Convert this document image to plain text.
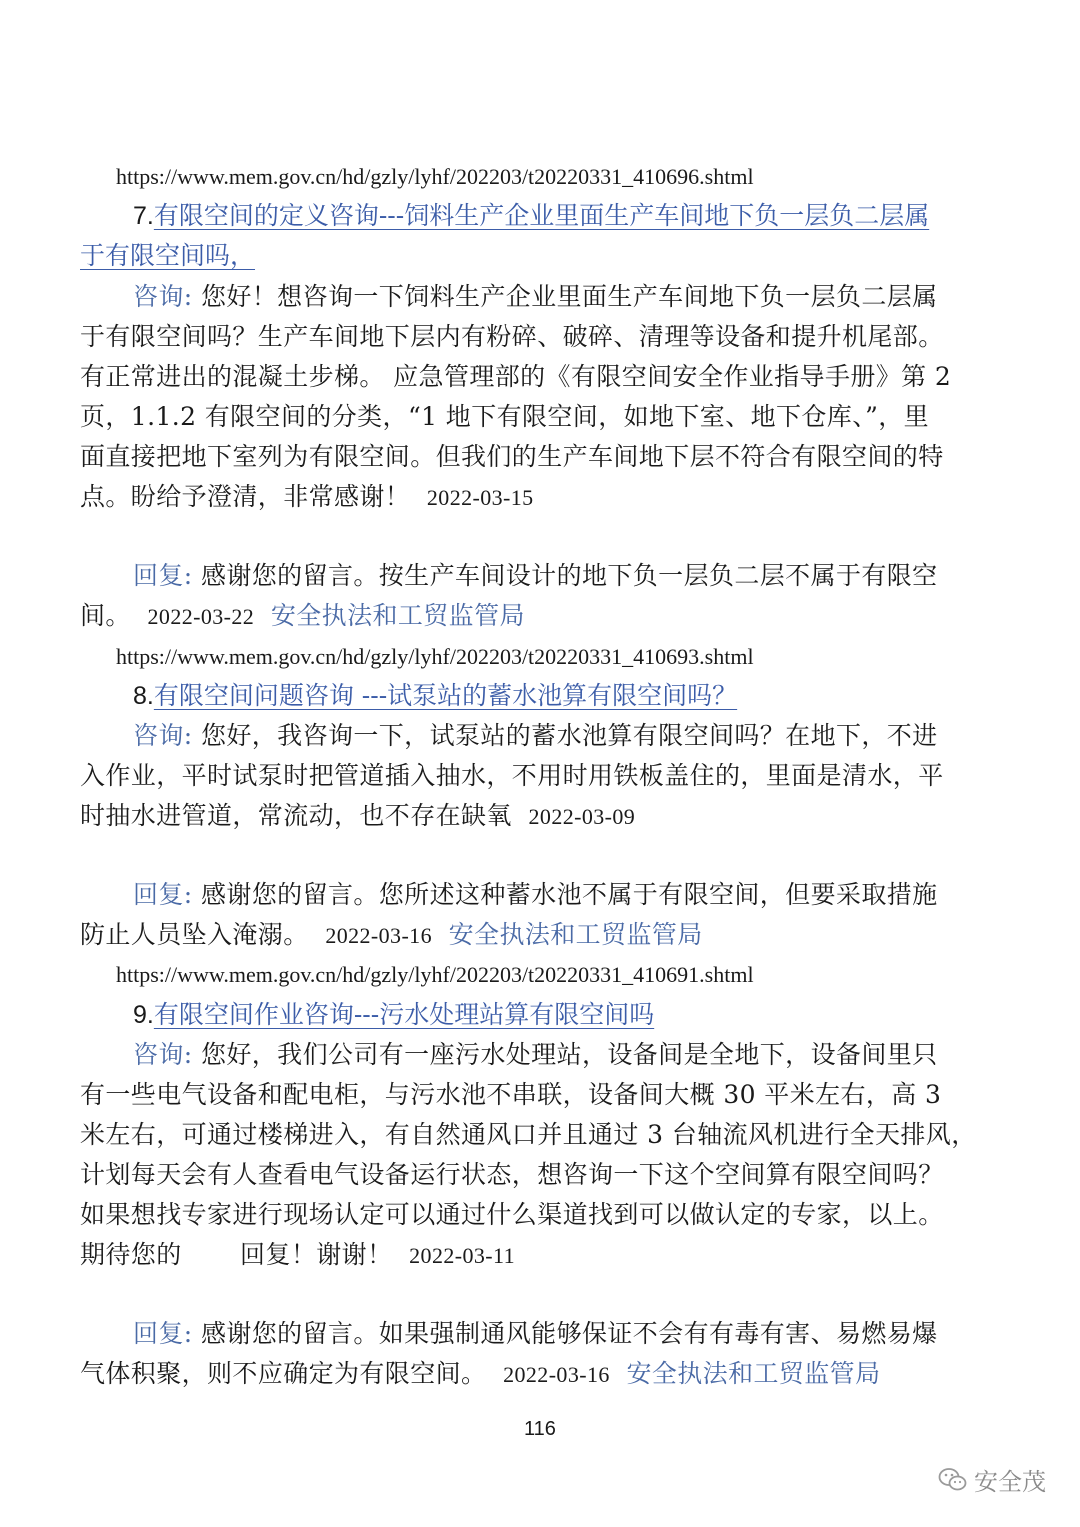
https://www.mem.gov.cn/hd/gzly/lyhf/202203/t20220331_410696.shtml
7.有限空间的定义咨询---饲料生产企业里面生产车间地下负一层负二层属
于有限空间吗，
咨询: 您好！想咨询一下饲料生产企业里面生产车间地下负一层负二层属
于有限空间吗？生产车间地下层内有粉碎、破碎、清理等设备和提升机尾部。
有正常进出的混凝土步梯。 应急管理部的《有限空间安全作业指导手册》第 2
页，1.1.2 有限空间的分类，“1 地下有限空间，如地下室、地下仓库、”，里
面直接把地下室列为有限空间。但我们的生产车间地下层不符合有限空间的特
点。盼给予澄清，非常感谢！ 2022-03-15
回复: 感谢您的留言。按生产车间设计的地下负一层负二层不属于有限空
间。 2022-03-22 安全执法和工贸监管局
https://www.mem.gov.cn/hd/gzly/lyhf/202203/t20220331_410693.shtml
8.有限空间问题咨询 ---试泵站的蓄水池算有限空间吗？
咨询: 您好，我咨询一下，试泵站的蓄水池算有限空间吗？在地下，不进
入作业，平时试泵时把管道插入抽水，不用时用铁板盖住的，里面是清水，平
时抽水进管道，常流动，也不存在缺氧 2022-03-09
回复: 感谢您的留言。您所述这种蓄水池不属于有限空间，但要采取措施
防止人员坠入淹溺。 2022-03-16 安全执法和工贸监管局
https://www.mem.gov.cn/hd/gzly/lyhf/202203/t20220331_410691.shtml
9.有限空间作业咨询---污水处理站算有限空间吗
咨询: 您好，我们公司有一座污水处理站，设备间是全地下，设备间里只
有一些电气设备和配电柜，与污水池不串联，设备间大概 30 平米左右，高 3
米左右，可通过楼梯进入，有自然通风口并且通过 3 台轴流风机进行全天排风，
计划每天会有人查看电气设备运行状态，想咨询一下这个空间算有限空间吗？
如果想找专家进行现场认定可以通过什么渠道找到可以做认定的专家，以上。
期待您的       回复！谢谢！ 2022-03-11
回复: 感谢您的留言。如果强制通风能够保证不会有有毒有害、易燃易爆
气体积聚，则不应确定为有限空间。 2022-03-16 安全执法和工贸监管局
116
安全茂
